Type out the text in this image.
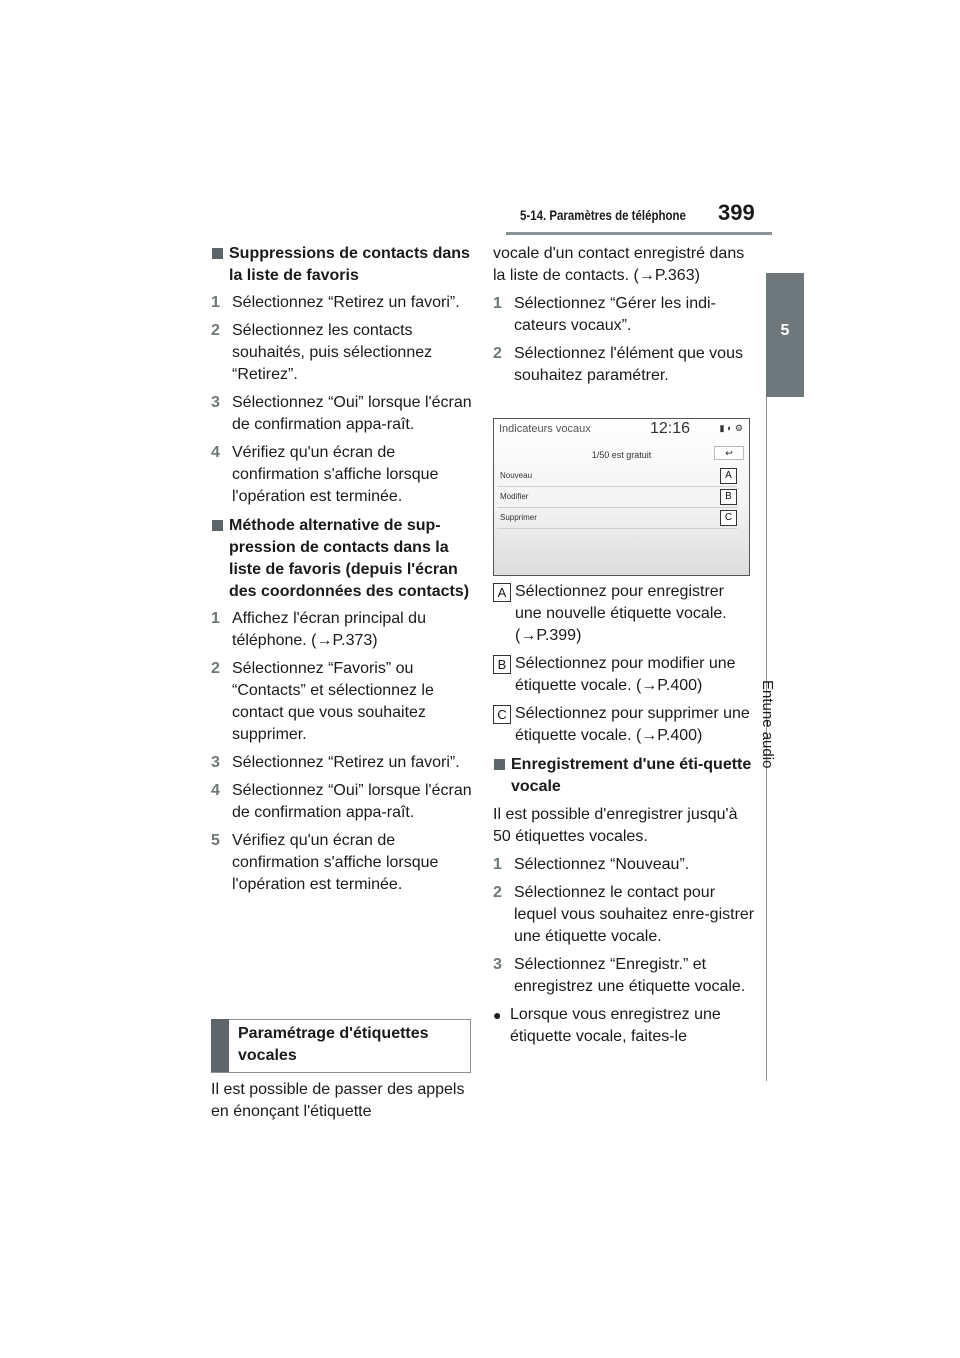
5-14. Paramètres de téléphone 399
5
Entune audio

Suppressions de contacts dans la liste de favoris

1 Sélectionnez “Retirez un favori”.

2 Sélectionnez les contacts souhaités, puis sélectionnez “Retirez”.

3 Sélectionnez “Oui” lorsque l'écran de confirmation appa-raît.

4 Vérifiez qu'un écran de confirmation s'affiche lorsque l'opération est terminée.

Méthode alternative de sup-pression de contacts dans la liste de favoris (depuis l'écran des coordonnées des contacts)

1 Affichez l'écran principal du téléphone. (→P.373)

2 Sélectionnez “Favoris” ou “Contacts” et sélectionnez le contact que vous souhaitez supprimer.

3 Sélectionnez “Retirez un favori”.

4 Sélectionnez “Oui” lorsque l'écran de confirmation appa-raît.

5 Vérifiez qu'un écran de confirmation s'affiche lorsque l'opération est terminée.

Paramétrage d'étiquettes vocales
Il est possible de passer des appels en énonçant l'étiquette

vocale d'un contact enregistré dans la liste de contacts. (→P.363)

1 Sélectionnez “Gérer les indi-cateurs vocaux”.

2 Sélectionnez l'élément que vous souhaitez paramétrer.

Indicateurs vocaux	12:16	▮ ◐ ⚙
1/50 est gratuit	↩
Nouveau	A
Modifier	B
Supprimer	C

A Sélectionnez pour enregistrer une nouvelle étiquette vocale. (→P.399)

B Sélectionnez pour modifier une étiquette vocale. (→P.400)

C Sélectionnez pour supprimer une étiquette vocale. (→P.400)

Enregistrement d'une éti-quette vocale

Il est possible d'enregistrer jusqu'à 50 étiquettes vocales.

1 Sélectionnez “Nouveau”.

2 Sélectionnez le contact pour lequel vous souhaitez enre-gistrer une étiquette vocale.

3 Sélectionnez “Enregistr.” et enregistrez une étiquette vocale.

● Lorsque vous enregistrez une étiquette vocale, faites-le
